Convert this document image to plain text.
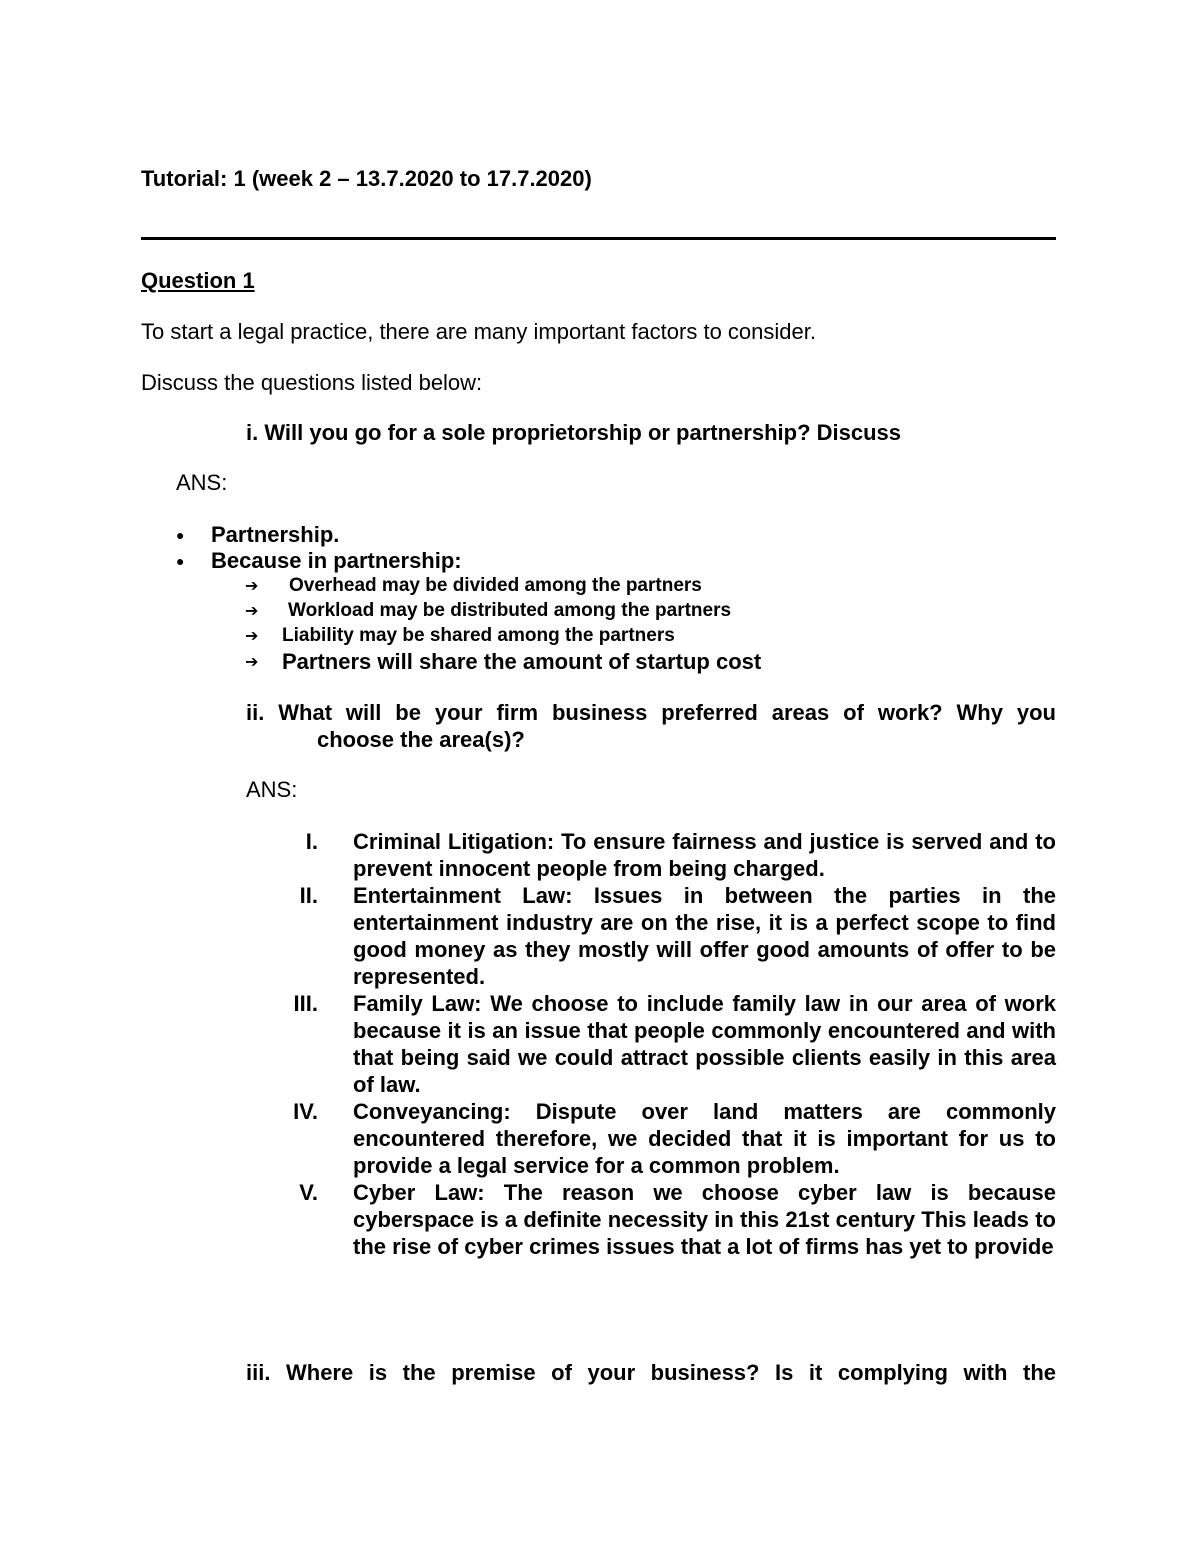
Tutorial: 1 (week 2 – 13.7.2020 to 17.7.2020)
Question 1
To start a legal practice, there are many important factors to consider.
Discuss the questions listed below:
i. Will you go for a sole proprietorship or partnership? Discuss
ANS:
●	Partnership.
●	Because in partnership:
➔	Overhead may be divided among the partners
➔	Workload may be distributed among the partners
➔	Liability may be shared among the partners
➔	Partners will share the amount of startup cost
ii. What will be your firm business preferred areas of work? Why you
choose the area(s)?
ANS:
I.	Criminal Litigation: To ensure fairness and justice is served and to prevent innocent people from being charged.
II.	Entertainment Law: Issues in between the parties in the entertainment industry are on the rise, it is a perfect scope to find good money as they mostly will offer good amounts of offer to be represented.
III.	Family Law: We choose to include family law in our area of work because it is an issue that people commonly encountered and with that being said we could attract possible clients easily in this area of law.
IV.	Conveyancing: Dispute over land matters are commonly encountered therefore, we decided that it is important for us to provide a legal service for a common problem.
V.	Cyber Law: The reason we choose cyber law is because cyberspace is a definite necessity in this 21st century This leads to the rise of cyber crimes issues that a lot of firms has yet to provide
iii. Where is the premise of your business? Is it complying with the
